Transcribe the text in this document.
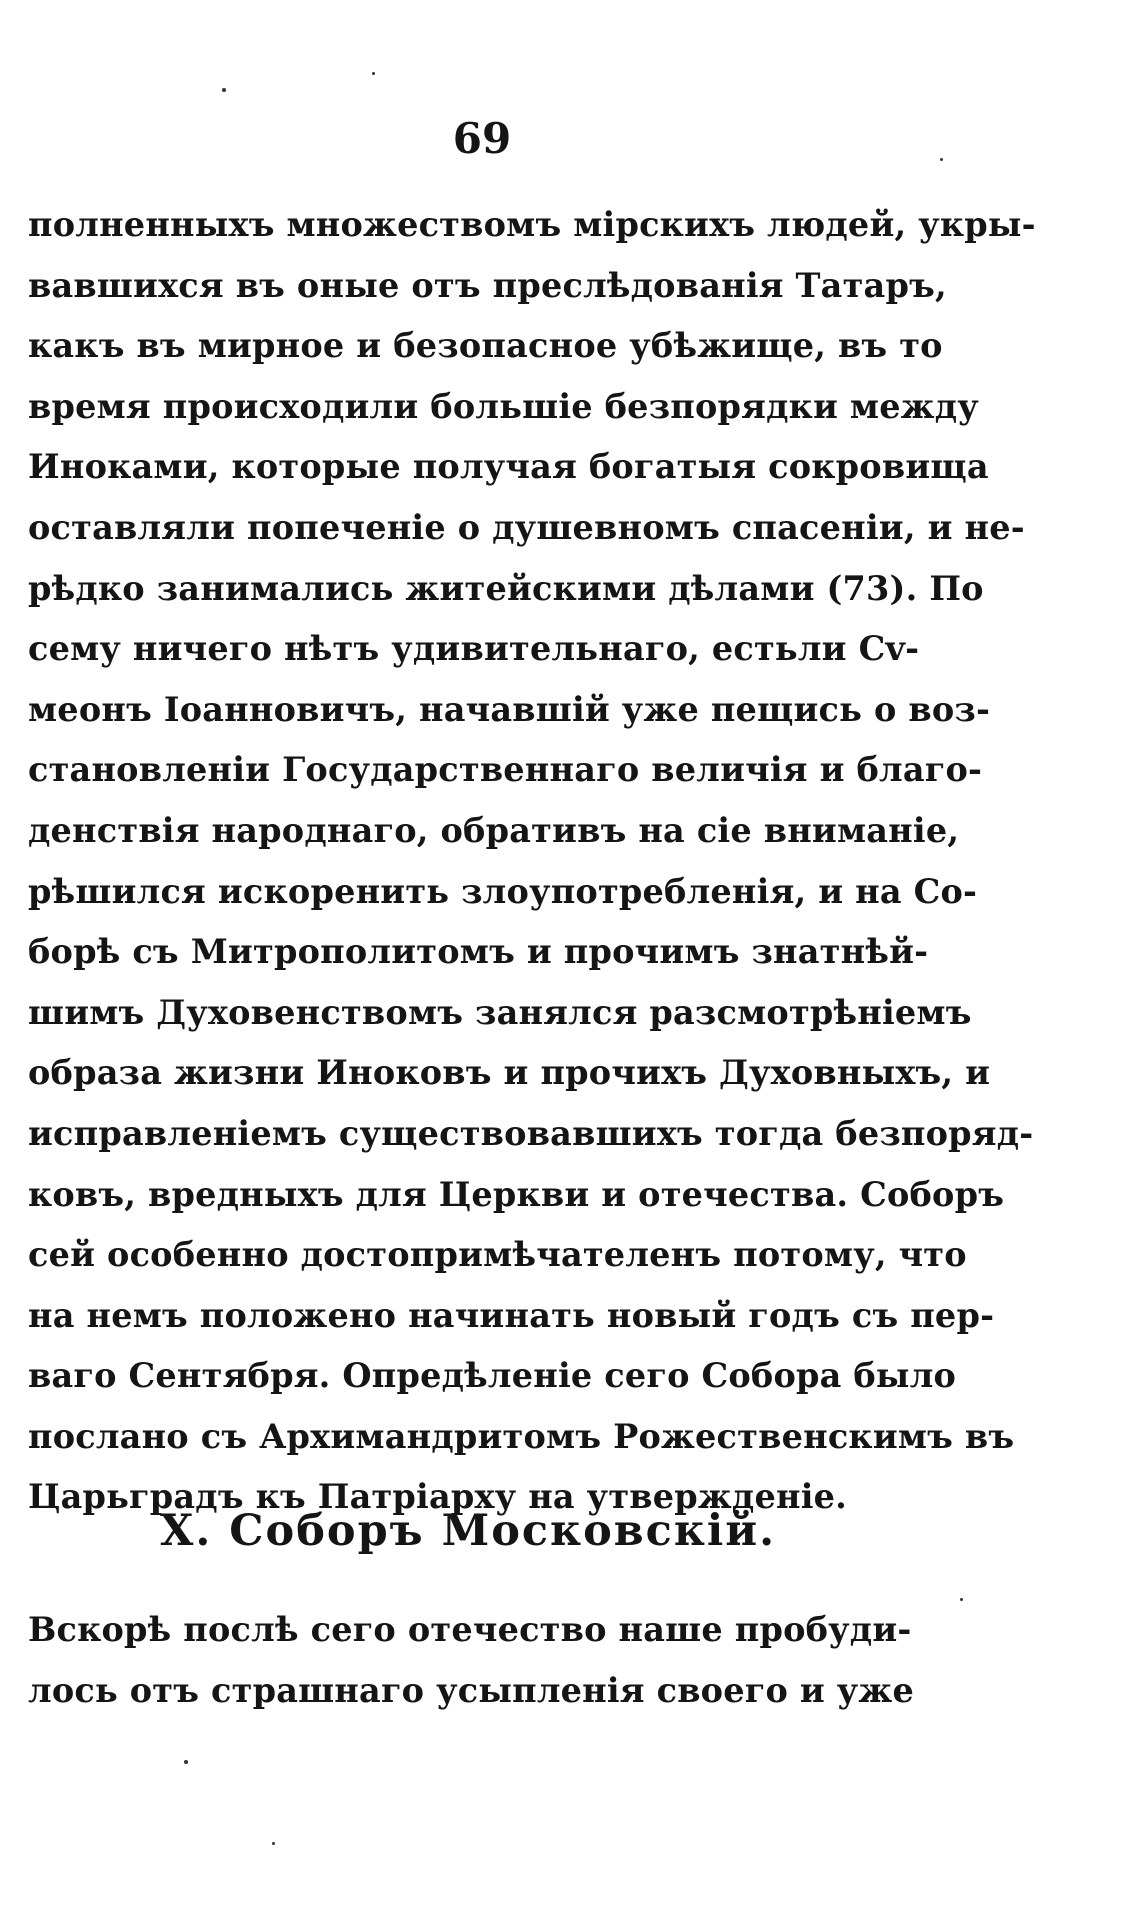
69
полненныхъ множествомъ мірскихъ людей, укры-
вавшихся въ оные отъ преслѣдованія Татаръ,
какъ въ мирное и безопасное убѣжище, въ то
время происходили большіе безпорядки между
Иноками, которые получая богатыя сокровища
оставляли попеченіе о душевномъ спасеніи, и не-
рѣдко занимались житейскими дѣлами (73). По
сему ничего нѣтъ удивительнаго, естьли Сv-
меонъ Іоанновичъ, начавшій уже пещись о воз-
становленіи Государственнаго величія и благо-
денствія народнаго, обративъ на сіе вниманіе,
рѣшился искоренить злоупотребленія, и на Со-
борѣ съ Митрополитомъ и прочимъ знатнѣй-
шимъ Духовенствомъ занялся разсмотрѣніемъ
образа жизни Иноковъ и прочихъ Духовныхъ, и
исправленіемъ существовавшихъ тогда безпоряд-
ковъ, вредныхъ для Церкви и отечества. Соборъ
сей особенно достопримѣчателенъ потому, что
на немъ положено начинать новый годъ съ пер-
ваго Сентября. Опредѣленіе сего Собора было
послано съ Архимандритомъ Рожественскимъ въ
Царьградъ къ Патріарху на утвержденіе.
X. Соборъ Московскій.
Вскорѣ послѣ сего отечество наше пробуди-
лось отъ страшнаго усыпленія своего и уже
